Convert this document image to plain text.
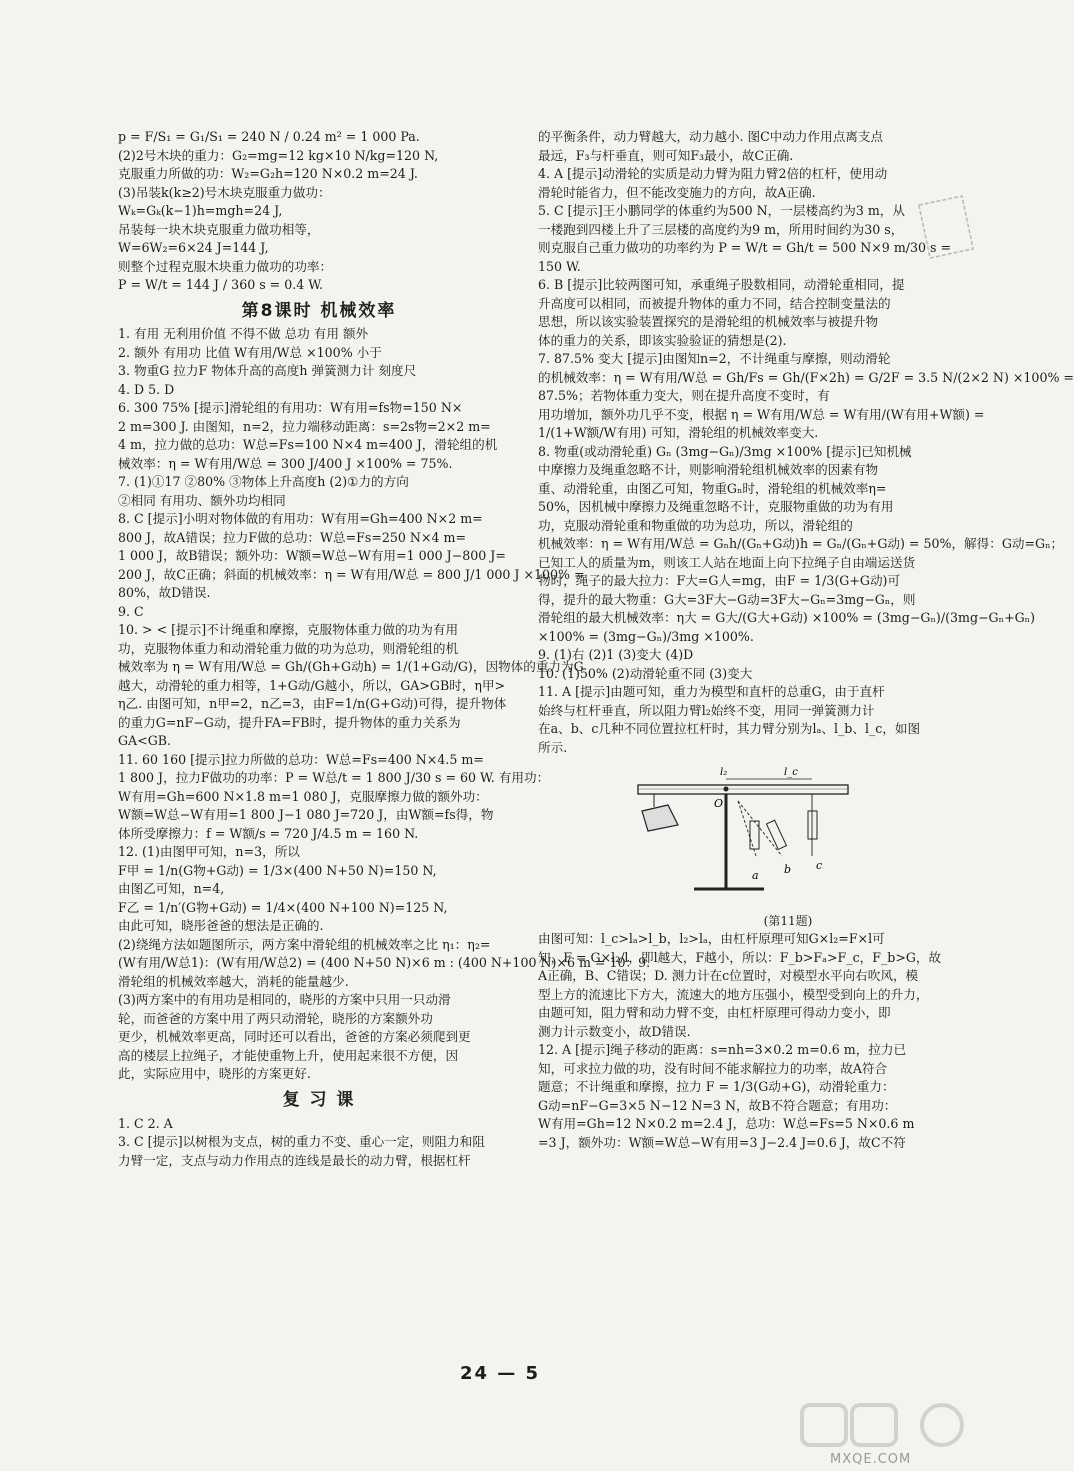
p = F/S₁ = G₁/S₁ = 240 N / 0.24 m² = 1 000 Pa.
(2)2号木块的重力：G₂=mg=12 kg×10 N/kg=120 N,
克服重力所做的功：W₂=G₂h=120 N×0.2 m=24 J.
(3)吊装k(k≥2)号木块克服重力做功：
Wₖ=Gₖ(k−1)h=mgh=24 J,
吊装每一块木块克服重力做功相等，
W=6W₂=6×24 J=144 J,
则整个过程克服木块重力做功的功率：
P = W/t = 144 J / 360 s = 0.4 W.
第8课时 机械效率
1. 有用 无利用价值 不得不做 总功 有用 额外
2. 额外 有用功 比值 W有用/W总 ×100% 小于
3. 物重G 拉力F 物体升高的高度h 弹簧测力计 刻度尺
4. D 5. D
6. 300 75% [提示]滑轮组的有用功：W有用=fs物=150 N×
2 m=300 J. 由图知，n=2，拉力端移动距离：s=2s物=2×2 m=
4 m，拉力做的总功：W总=Fs=100 N×4 m=400 J，滑轮组的机
械效率：η = W有用/W总 = 300 J/400 J ×100% = 75%.
7. (1)①17 ②80% ③物体上升高度h (2)①力的方向
②相同 有用功、额外功均相同
8. C [提示]小明对物体做的有用功：W有用=Gh=400 N×2 m=
800 J，故A错误；拉力F做的总功：W总=Fs=250 N×4 m=
1 000 J，故B错误；额外功：W额=W总−W有用=1 000 J−800 J=
200 J，故C正确；斜面的机械效率：η = W有用/W总 = 800 J/1 000 J ×100% =
80%，故D错误.
9. C
10. > < [提示]不计绳重和摩擦，克服物体重力做的功为有用
功，克服物体重力和动滑轮重力做的功为总功，则滑轮组的机
械效率为 η = W有用/W总 = Gh/(Gh+G动h) = 1/(1+G动/G)，因物体的重力为G
越大，动滑轮的重力相等，1+G动/G越小，所以，GA>GB时，η甲>
η乙. 由图可知，n甲=2，n乙=3，由F=1/n(G+G动)可得，提升物体
的重力G=nF−G动，提升FA=FB时，提升物体的重力关系为
GA<GB.
11. 60 160 [提示]拉力所做的总功：W总=Fs=400 N×4.5 m=
1 800 J，拉力F做功的功率：P = W总/t = 1 800 J/30 s = 60 W. 有用功：
W有用=Gh=600 N×1.8 m=1 080 J，克服摩擦力做的额外功：
W额=W总−W有用=1 800 J−1 080 J=720 J，由W额=fs得，物
体所受摩擦力：f = W额/s = 720 J/4.5 m = 160 N.
12. (1)由图甲可知，n=3，所以
F甲 = 1/n(G物+G动) = 1/3×(400 N+50 N)=150 N,
由图乙可知，n=4,
F乙 = 1/n′(G物+G动) = 1/4×(400 N+100 N)=125 N,
由此可知，晓彤爸爸的想法是正确的.
(2)绕绳方法如题图所示，两方案中滑轮组的机械效率之比 η₁：η₂=
(W有用/W总1)：(W有用/W总2) = (400 N+50 N)×6 m : (400 N+100 N)×6 m = 10：9.
滑轮组的机械效率越大，消耗的能量越少.
(3)两方案中的有用功是相同的，晓彤的方案中只用一只动滑
轮，而爸爸的方案中用了两只动滑轮，晓彤的方案额外功
更少，机械效率更高，同时还可以看出，爸爸的方案必须爬到更
高的楼层上拉绳子，才能使重物上升，使用起来很不方便，因
此，实际应用中，晓彤的方案更好.
复 习 课
1. C 2. A
3. C [提示]以树根为支点，树的重力不变、重心一定，则阻力和阻
力臂一定，支点与动力作用点的连线是最长的动力臂，根据杠杆
的平衡条件，动力臂越大，动力越小. 图C中动力作用点离支点
最远，F₃与杆垂直，则可知F₃最小，故C正确.
4. A [提示]动滑轮的实质是动力臂为阻力臂2倍的杠杆，使用动
滑轮时能省力，但不能改变施力的方向，故A正确.
5. C [提示]王小鹏同学的体重约为500 N，一层楼高约为3 m，从
一楼跑到四楼上升了三层楼的高度约为9 m，所用时间约为30 s，
则克服自己重力做功的功率约为 P = W/t = Gh/t = 500 N×9 m/30 s =
150 W.
6. B [提示]比较两图可知，承重绳子股数相同，动滑轮重相同，提
升高度可以相同，而被提升物体的重力不同，结合控制变量法的
思想，所以该实验装置探究的是滑轮组的机械效率与被提升物
体的重力的关系，即该实验验证的猜想是(2).
7. 87.5% 变大 [提示]由图知n=2，不计绳重与摩擦，则动滑轮
的机械效率：η = W有用/W总 = Gh/Fs = Gh/(F×2h) = G/2F = 3.5 N/(2×2 N) ×100% =
87.5%；若物体重力变大，则在提升高度不变时，有
用功增加，额外功几乎不变，根据 η = W有用/W总 = W有用/(W有用+W额) =
1/(1+W额/W有用) 可知，滑轮组的机械效率变大.
8. 物重(或动滑轮重) Gₙ (3mg−Gₙ)/3mg ×100% [提示]已知机械
中摩擦力及绳重忽略不计，则影响滑轮组机械效率的因素有物
重、动滑轮重，由图乙可知，物重Gₙ时，滑轮组的机械效率η=
50%，因机械中摩擦力及绳重忽略不计，克服物重做的功为有用
功，克服动滑轮重和物重做的功为总功，所以，滑轮组的
机械效率：η = W有用/W总 = Gₙh/(Gₙ+G动)h = Gₙ/(Gₙ+G动) = 50%，解得：G动=Gₙ；
已知工人的质量为m，则该工人站在地面上向下拉绳子自由端运送货
物时，绳子的最大拉力：F大=G人=mg，由F = 1/3(G+G动)可
得，提升的最大物重：G大=3F大−G动=3F大−Gₙ=3mg−Gₙ，则
滑轮组的最大机械效率：η大 = G大/(G大+G动) ×100% = (3mg−Gₙ)/(3mg−Gₙ+Gₙ)
×100% = (3mg−Gₙ)/3mg ×100%.
9. (1)右 (2)1 (3)变大 (4)D
10. (1)50% (2)动滑轮重不同 (3)变大
11. A [提示]由题可知，重力为模型和直杆的总重G，由于直杆
始终与杠杆垂直，所以阻力臂l₂始终不变，用同一弹簧测力计
在a、b、c几种不同位置拉杠杆时，其力臂分别为lₐ、l_b、l_c，如图
所示.
O
l₂	l_c
a b c
(第11题)
由图可知：l_c>lₐ>l_b，l₂>lₐ，由杠杆原理可知G×l₂=F×l可
知，F = G×l₂/l，即l越大，F越小，所以：F_b>Fₐ>F_c，F_b>G，故
A正确，B、C错误；D. 测力计在c位置时，对模型水平向右吹风，模
型上方的流速比下方大，流速大的地方压强小，模型受到向上的升力，
由题可知，阻力臂和动力臂不变，由杠杆原理可得动力变小，即
测力计示数变小，故D错误.
12. A [提示]绳子移动的距离：s=nh=3×0.2 m=0.6 m，拉力已
知，可求拉力做的功，没有时间不能求解拉力的功率，故A符合
题意；不计绳重和摩擦，拉力 F = 1/3(G动+G)，动滑轮重力：
G动=nF−G=3×5 N−12 N=3 N，故B不符合题意；有用功：
W有用=Gh=12 N×0.2 m=2.4 J，总功：W总=Fs=5 N×0.6 m
=3 J，额外功：W额=W总−W有用=3 J−2.4 J=0.6 J，故C不符
24 — 5
MXQE.COM
